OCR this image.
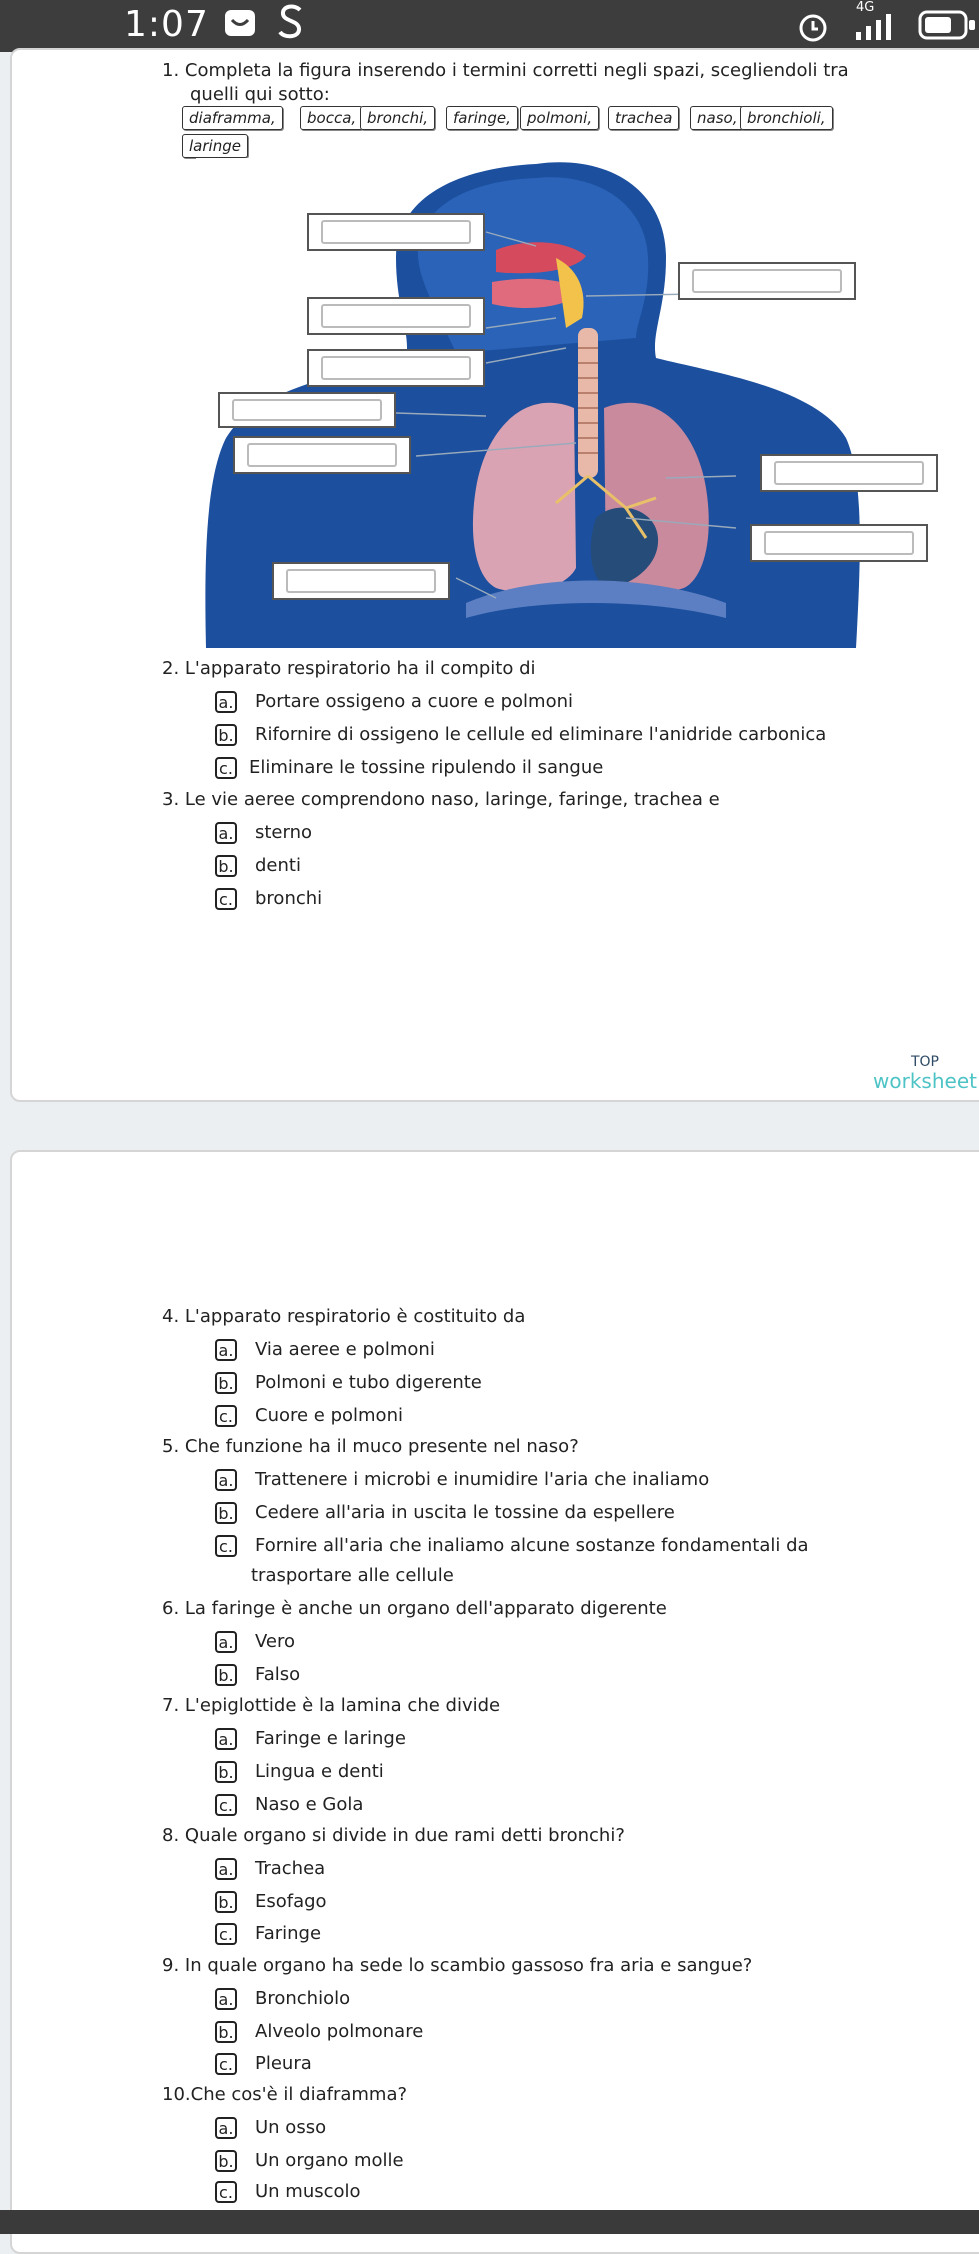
1:07	4G
1. Completa la figura inserendo i termini corretti negli spazi, scegliendoli tra
quelli qui sotto:
diaframma,	bocca, bronchi,	faringe,	polmoni,	trachea	naso, bronchioli,
laringe
2. L'apparato respiratorio ha il compito di
a. Portare ossigeno a cuore e polmoni
b. Rifornire di ossigeno le cellule ed eliminare l'anidride carbonica
c. Eliminare le tossine ripulendo il sangue
3. Le vie aeree comprendono naso, laringe, faringe, trachea e
a. sterno
b. denti
c. bronchi
TOP
worksheet
4. L'apparato respiratorio è costituito da
a. Via aeree e polmoni
b. Polmoni e tubo digerente
c. Cuore e polmoni
5. Che funzione ha il muco presente nel naso?
a. Trattenere i microbi e inumidire l'aria che inaliamo
b. Cedere all'aria in uscita le tossine da espellere
c. Fornire all'aria che inaliamo alcune sostanze fondamentali da
trasportare alle cellule
6. La faringe è anche un organo dell'apparato digerente
a. Vero
b. Falso
7. L'epiglottide è la lamina che divide
a. Faringe e laringe
b. Lingua e denti
c. Naso e Gola
8. Quale organo si divide in due rami detti bronchi?
a. Trachea
b. Esofago
c. Faringe
9. In quale organo ha sede lo scambio gassoso fra aria e sangue?
a. Bronchiolo
b. Alveolo polmonare
c. Pleura
10.Che cos'è il diaframma?
a. Un osso
b. Un organo molle
c. Un muscolo
